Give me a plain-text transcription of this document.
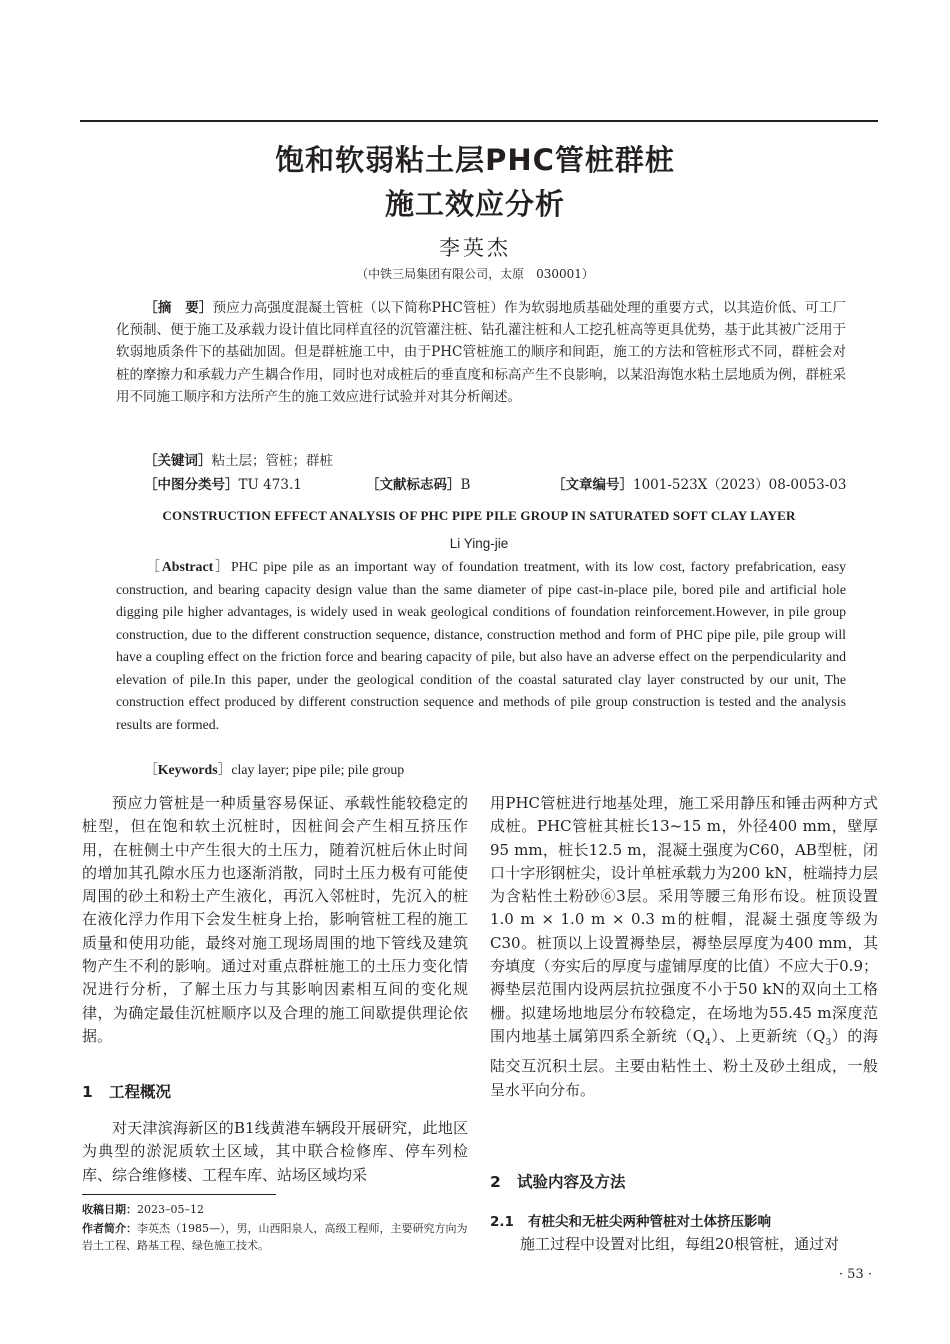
饱和软弱粘土层PHC管桩群桩
施工效应分析
李英杰
（中铁三局集团有限公司，太原　030001）
［摘　要］预应力高强度混凝土管桩（以下简称PHC管桩）作为软弱地质基础处理的重要方式，以其造价低、可工厂化预制、便于施工及承载力设计值比同样直径的沉管灌注桩、钻孔灌注桩和人工挖孔桩高等更具优势，基于此其被广泛用于软弱地质条件下的基础加固。但是群桩施工中，由于PHC管桩施工的顺序和间距，施工的方法和管桩形式不同，群桩会对桩的摩擦力和承载力产生耦合作用，同时也对成桩后的垂直度和标高产生不良影响，以某沿海饱水粘土层地质为例，群桩采用不同施工顺序和方法所产生的施工效应进行试验并对其分析阐述。
［关键词］粘土层；管桩；群桩
［中图分类号］TU 473.1	［文献标志码］B	［文章编号］1001-523X（2023）08-0053-03
CONSTRUCTION EFFECT ANALYSIS OF PHC PIPE PILE GROUP IN SATURATED SOFT CLAY LAYER
Li Ying-jie
［Abstract］PHC pipe pile as an important way of foundation treatment, with its low cost, factory prefabrication, easy construction, and bearing capacity design value than the same diameter of pipe cast-in-place pile, bored pile and artificial hole digging pile higher advantages, is widely used in weak geological conditions of foundation reinforcement.However, in pile group construction, due to the different construction sequence, distance, construction method and form of PHC pipe pile, pile group will have a coupling effect on the friction force and bearing capacity of pile, but also have an adverse effect on the perpendicularity and elevation of pile.In this paper, under the geological condition of the coastal saturated clay layer constructed by our unit, The construction effect produced by different construction sequence and methods of pile group construction is tested and the analysis results are formed.
［Keywords］clay layer; pipe pile; pile group

预应力管桩是一种质量容易保证、承载性能较稳定的桩型，但在饱和软土沉桩时，因桩间会产生相互挤压作用，在桩侧土中产生很大的土压力，随着沉桩后休止时间的增加其孔隙水压力也逐渐消散，同时土压力极有可能使周围的砂土和粉土产生液化，再沉入邻桩时，先沉入的桩在液化浮力作用下会发生桩身上抬，影响管桩工程的施工质量和使用功能，最终对施工现场周围的地下管线及建筑物产生不利的影响。通过对重点群桩施工的土压力变化情况进行分析，了解土压力与其影响因素相互间的变化规律，为确定最佳沉桩顺序以及合理的施工间歇提供理论依据。

1 工程概况

对天津滨海新区的B1线黄港车辆段开展研究，此地区为典型的淤泥质软土区域，其中联合检修库、停车列检库、综合维修楼、工程车库、站场区域均采

收稿日期：2023–05–12
作者简介：李英杰（1985—），男，山西阳泉人，高级工程师，主要研究方向为岩土工程、路基工程、绿色施工技术。

用PHC管桩进行地基处理，施工采用静压和锤击两种方式成桩。PHC管桩其桩长13~15 m，外径400 mm，壁厚95 mm，桩长12.5 m，混凝土强度为C60，AB型桩，闭口十字形钢桩尖，设计单桩承载力为200 kN，桩端持力层为含粘性土粉砂⑥3层。采用等腰三角形布设。桩顶设置1.0 m × 1.0 m × 0.3 m的桩帽，混凝土强度等级为C30。桩顶以上设置褥垫层，褥垫层厚度为400 mm，其夯填度（夯实后的厚度与虚铺厚度的比值）不应大于0.9；褥垫层范围内设两层抗拉强度不小于50 kN的双向土工格栅。拟建场地地层分布较稳定，在场地为55.45 m深度范围内地基土属第四系全新统$(Q_4)$、上更新统$(Q_3)$的海陆交互沉积土层。主要由粘性土、粉土及砂土组成，一般呈水平向分布。

2 试验内容及方法
2.1 有桩尖和无桩尖两种管桩对土体挤压影响

施工过程中设置对比组，每组20根管桩，通过对

· 53 ·
